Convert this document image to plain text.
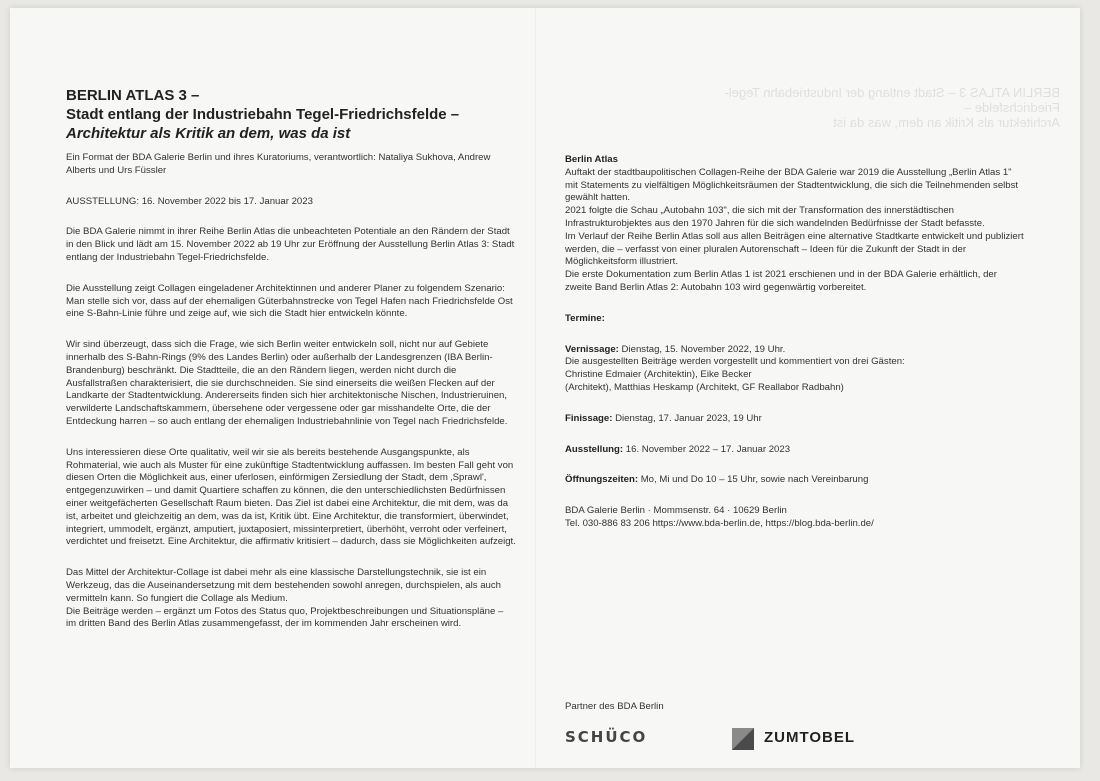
BERLIN ATLAS 3 – Stadt entlang der Industriebahn Tegel-Friedrichsfelde –
Architektur als Kritik an dem, was da ist
BERLIN ATLAS 3 –
Stadt entlang der Industriebahn Tegel-Friedrichsfelde –
Architektur als Kritik an dem, was da ist

Ein Format der BDA Galerie Berlin und ihres Kuratoriums, verantwortlich: Nataliya Sukhova, Andrew Alberts und Urs Füssler

AUSSTELLUNG: 16. November 2022 bis 17. Januar 2023

Die BDA Galerie nimmt in ihrer Reihe Berlin Atlas die unbeachteten Potentiale an den Rändern der Stadt in den Blick und lädt am 15. November 2022 ab 19 Uhr zur Eröffnung der Ausstellung Berlin Atlas 3: Stadt entlang der Industriebahn Tegel-Friedrichsfelde.

Die Ausstellung zeigt Collagen eingeladener Architektinnen und anderer Planer zu folgendem Szenario: Man stelle sich vor, dass auf der ehemaligen Güterbahnstrecke von Tegel Hafen nach Friedrichsfelde Ost eine S-Bahn-Linie führe und zeige auf, wie sich die Stadt hier entwickeln könnte.

Wir sind überzeugt, dass sich die Frage, wie sich Berlin weiter entwickeln soll, nicht nur auf Gebiete innerhalb des S-Bahn-Rings (9% des Landes Berlin) oder außerhalb der Landesgrenzen (IBA Berlin-Brandenburg) beschränkt. Die Stadtteile, die an den Rändern liegen, werden nicht durch die Ausfallstraßen charakterisiert, die sie durchschneiden. Sie sind einerseits die weißen Flecken auf der Landkarte der Stadtentwicklung. Andererseits finden sich hier architektonische Nischen, Industrieruinen, verwilderte Landschaftskammern, übersehene oder vergessene oder gar misshandelte Orte, die der Entdeckung harren – so auch entlang der ehemaligen Industriebahnlinie von Tegel nach Friedrichsfelde.

Uns interessieren diese Orte qualitativ, weil wir sie als bereits bestehende Ausgangspunkte, als Rohmaterial, wie auch als Muster für eine zukünftige Stadtentwicklung auffassen. Im besten Fall geht von diesen Orten die Möglichkeit aus, einer uferlosen, einförmigen Zersiedlung der Stadt, dem ‚Sprawl', entgegenzuwirken – und damit Quartiere schaffen zu können, die den unterschiedlichsten Bedürfnissen einer weitgefächerten Gesellschaft Raum bieten. Das Ziel ist dabei eine Architektur, die mit dem, was da ist, arbeitet und gleichzeitig an dem, was da ist, Kritik übt. Eine Architektur, die transformiert, überwindet, integriert, ummodelt, ergänzt, amputiert, juxtaposiert, missinterpretiert, überhöht, verroht oder verfeinert, verdichtet und freisetzt. Eine Architektur, die affirmativ kritisiert – dadurch, dass sie Möglichkeiten aufzeigt.

Das Mittel der Architektur-Collage ist dabei mehr als eine klassische Darstellungstechnik, sie ist ein Werkzeug, das die Auseinandersetzung mit dem bestehenden sowohl anregen, durchspielen, als auch vermitteln kann. So fungiert die Collage als Medium.

Die Beiträge werden – ergänzt um Fotos des Status quo, Projektbeschreibungen und Situationspläne – im dritten Band des Berlin Atlas zusammengefasst, der im kommenden Jahr erscheinen wird.

Berlin Atlas

Auftakt der stadtbaupolitischen Collagen-Reihe der BDA Galerie war 2019 die Ausstellung „Berlin Atlas 1" mit Statements zu vielfältigen Möglichkeitsräumen der Stadtentwicklung, die sich die Teilnehmenden selbst gewählt hatten.

2021 folgte die Schau „Autobahn 103", die sich mit der Transformation des innerstädtischen Infrastrukturobjektes aus den 1970 Jahren für die sich wandelnden Bedürfnisse der Stadt befasste.

Im Verlauf der Reihe Berlin Atlas soll aus allen Beiträgen eine alternative Stadtkarte entwickelt und publiziert werden, die – verfasst von einer pluralen Autorenschaft – Ideen für die Zukunft der Stadt in der Möglichkeitsform illustriert.

Die erste Dokumentation zum Berlin Atlas 1 ist 2021 erschienen und in der BDA Galerie erhältlich, der zweite Band Berlin Atlas 2: Autobahn 103 wird gegenwärtig vorbereitet.

Termine:

Vernissage: Dienstag, 15. November 2022, 19 Uhr.

Die ausgestellten Beiträge werden vorgestellt und kommentiert von drei Gästen:

Christine Edmaier (Architektin), Eike Becker

(Architekt), Matthias Heskamp (Architekt, GF Reallabor Radbahn)

Finissage: Dienstag, 17. Januar 2023, 19 Uhr

Ausstellung: 16. November 2022 – 17. Januar 2023

Öffnungszeiten: Mo, Mi und Do 10 – 15 Uhr, sowie nach Vereinbarung

BDA Galerie Berlin · Mommsenstr. 64 · 10629 Berlin

Tel. 030-886 83 206 https://www.bda-berlin.de, https://blog.bda-berlin.de/

Partner des BDA Berlin
SCHÜCO	ZUMTOBEL
